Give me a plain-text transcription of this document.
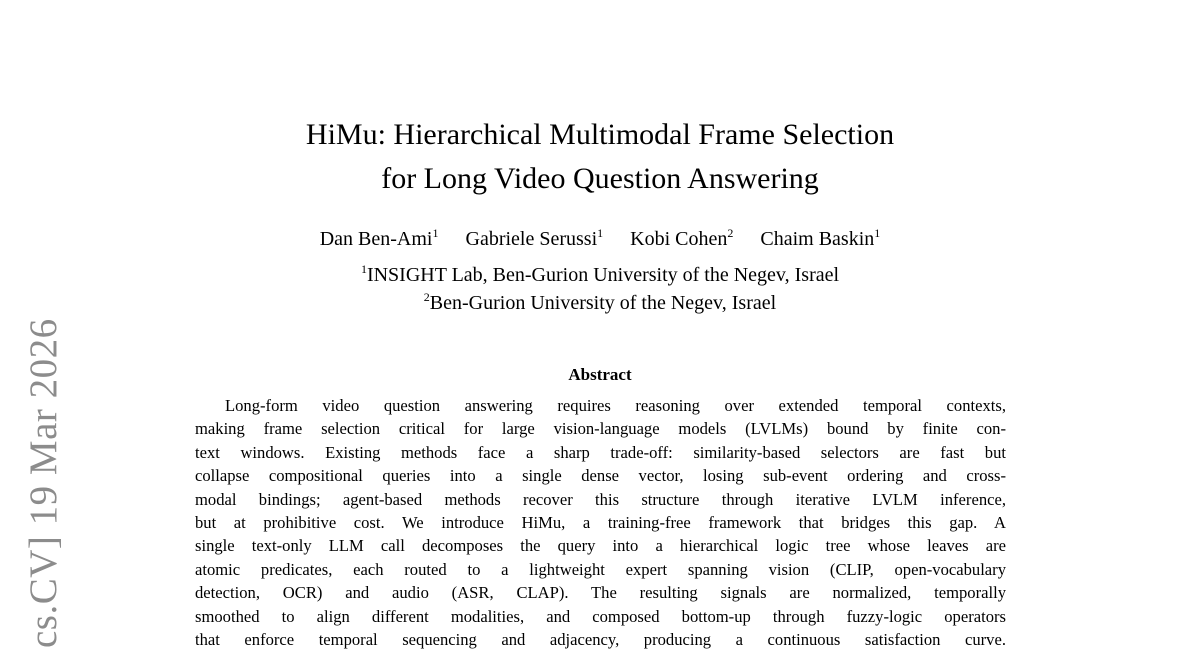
cs.CV] 19 Mar 2026
HiMu: Hierarchical Multimodal Frame Selection
for Long Video Question Answering
Dan Ben-Ami$^1$ Gabriele Serussi$^1$ Kobi Cohen$^2$ Chaim Baskin$^1$
$^1$INSIGHT Lab, Ben-Gurion University of the Negev, Israel
$^2$Ben-Gurion University of the Negev, Israel
Abstract
Long-form video question answering requires reasoning over extended temporal contexts,
making frame selection critical for large vision-language models (LVLMs) bound by finite con-
text windows. Existing methods face a sharp trade-off: similarity-based selectors are fast but
collapse compositional queries into a single dense vector, losing sub-event ordering and cross-
modal bindings; agent-based methods recover this structure through iterative LVLM inference,
but at prohibitive cost. We introduce HiMu, a training-free framework that bridges this gap. A
single text-only LLM call decomposes the query into a hierarchical logic tree whose leaves are
atomic predicates, each routed to a lightweight expert spanning vision (CLIP, open-vocabulary
detection, OCR) and audio (ASR, CLAP). The resulting signals are normalized, temporally
smoothed to align different modalities, and composed bottom-up through fuzzy-logic operators
that enforce temporal sequencing and adjacency, producing a continuous satisfaction curve.
